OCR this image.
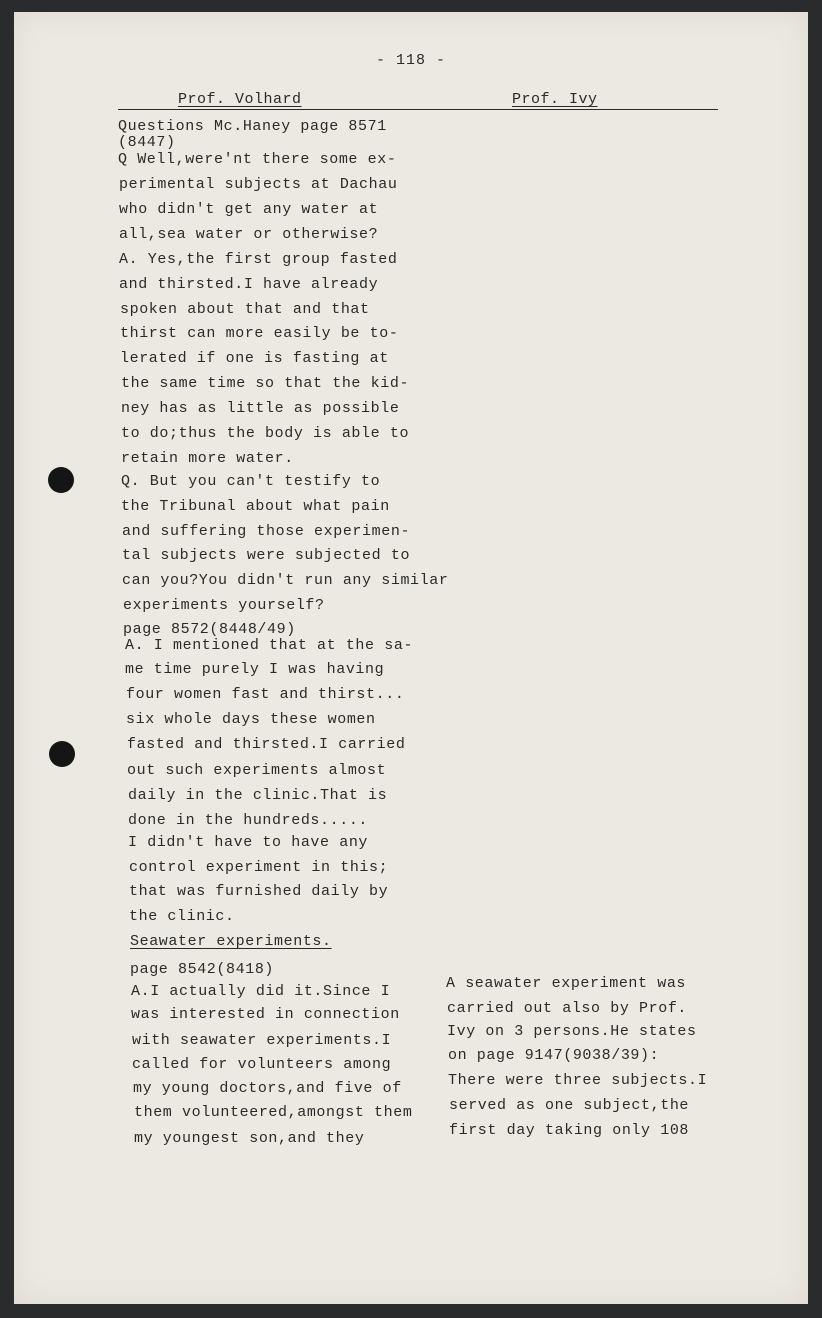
- 118 -
Prof. Volhard	Prof. Ivy
Questions Mc.Haney page 8571
(8447)
Q Well,were'nt there some ex-
perimental subjects at Dachau
who didn't get any water at
all,sea water or otherwise?
A. Yes,the first group fasted
and thirsted.I have already
spoken about that and that
thirst can more easily be to-
lerated if one is fasting at
the same time so that the kid-
ney has as little as possible
to do;thus the body is able to
retain more water.
Q. But you can't testify to
the Tribunal about what pain
and suffering those experimen-
tal subjects were subjected to
can you?You didn't run any similar
experiments yourself?
page 8572(8448/49)
A. I mentioned that at the sa-
me time purely I was having
four women fast and thirst...
six whole days these women
fasted and thirsted.I carried
out such experiments almost
daily in the clinic.That is
done in the hundreds.....
I didn't have to have any
control experiment in this;
that was furnished daily by
the clinic.
Seawater experiments.
page 8542(8418)
A.I actually did it.Since I
was interested in connection
with seawater experiments.I
called for volunteers among
my young doctors,and five of
them volunteered,amongst them
my youngest son,and they
A seawater experiment was
carried out also by Prof.
Ivy on 3 persons.He states
on page 9147(9038/39):
There were three subjects.I
served as one subject,the
first day taking only 108
